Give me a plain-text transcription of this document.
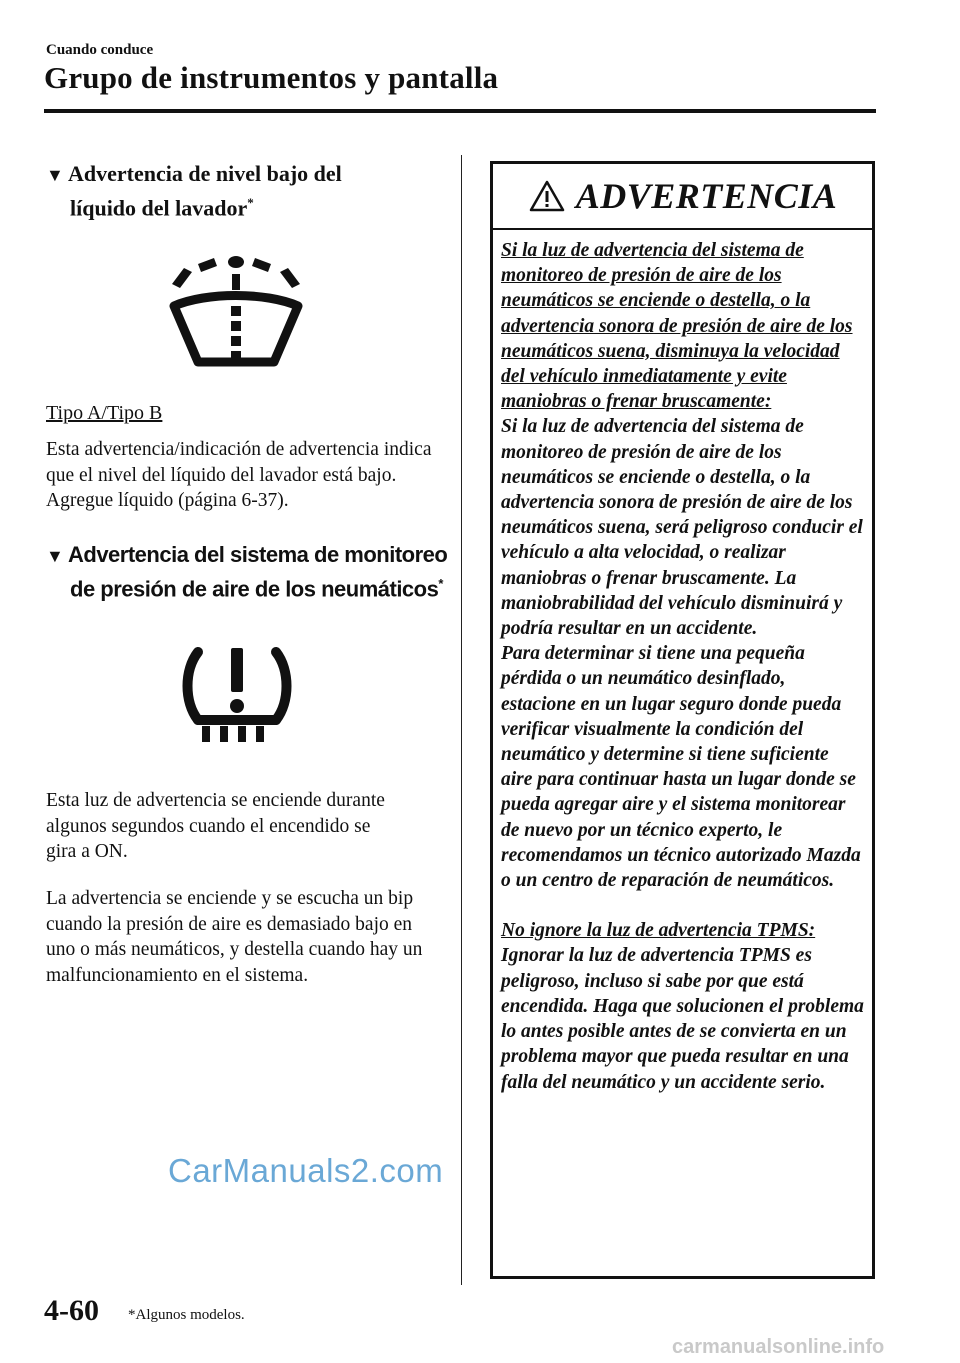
Cuando conduce
Grupo de instrumentos y pantalla
▼ Advertencia de nivel bajo del
líquido del lavador*
Tipo A/Tipo B
Esta advertencia/indicación de advertencia indica que el nivel del líquido del lavador está bajo. Agregue líquido (página 6-37).
▼ Advertencia del sistema de monitoreo
de presión de aire de los neumáticos*
Esta luz de advertencia se enciende durante algunos segundos cuando el encendido se gira a ON.
La advertencia se enciende y se escucha un bip cuando la presión de aire es demasiado bajo en uno o más neumáticos, y destella cuando hay un malfuncionamiento en el sistema.
ADVERTENCIA
Si la luz de advertencia del sistema de monitoreo de presión de aire de los neumáticos se enciende o destella, o la advertencia sonora de presión de aire de los neumáticos suena, disminuya la velocidad del vehículo inmediatamente y evite maniobras o frenar bruscamente:
Si la luz de advertencia del sistema de monitoreo de presión de aire de los neumáticos se enciende o destella, o la advertencia sonora de presión de aire de los neumáticos suena, será peligroso conducir el vehículo a alta velocidad, o realizar maniobras o frenar bruscamente. La maniobrabilidad del vehículo disminuirá y podría resultar en un accidente.
Para determinar si tiene una pequeña pérdida o un neumático desinflado, estacione en un lugar seguro donde pueda verificar visualmente la condición del neumático y determine si tiene suficiente aire para continuar hasta un lugar donde se pueda agregar aire y el sistema monitorear de nuevo por un técnico experto, le recomendamos un técnico autorizado Mazda o un centro de reparación de neumáticos.
No ignore la luz de advertencia TPMS:
Ignorar la luz de advertencia TPMS es peligroso, incluso si sabe por que está encendida. Haga que solucionen el problema lo antes posible antes de se convierta en un problema mayor que pueda resultar en una falla del neumático y un accidente serio.
CarManuals2.com
4-60 *Algunos modelos.
carmanualsonline.info
